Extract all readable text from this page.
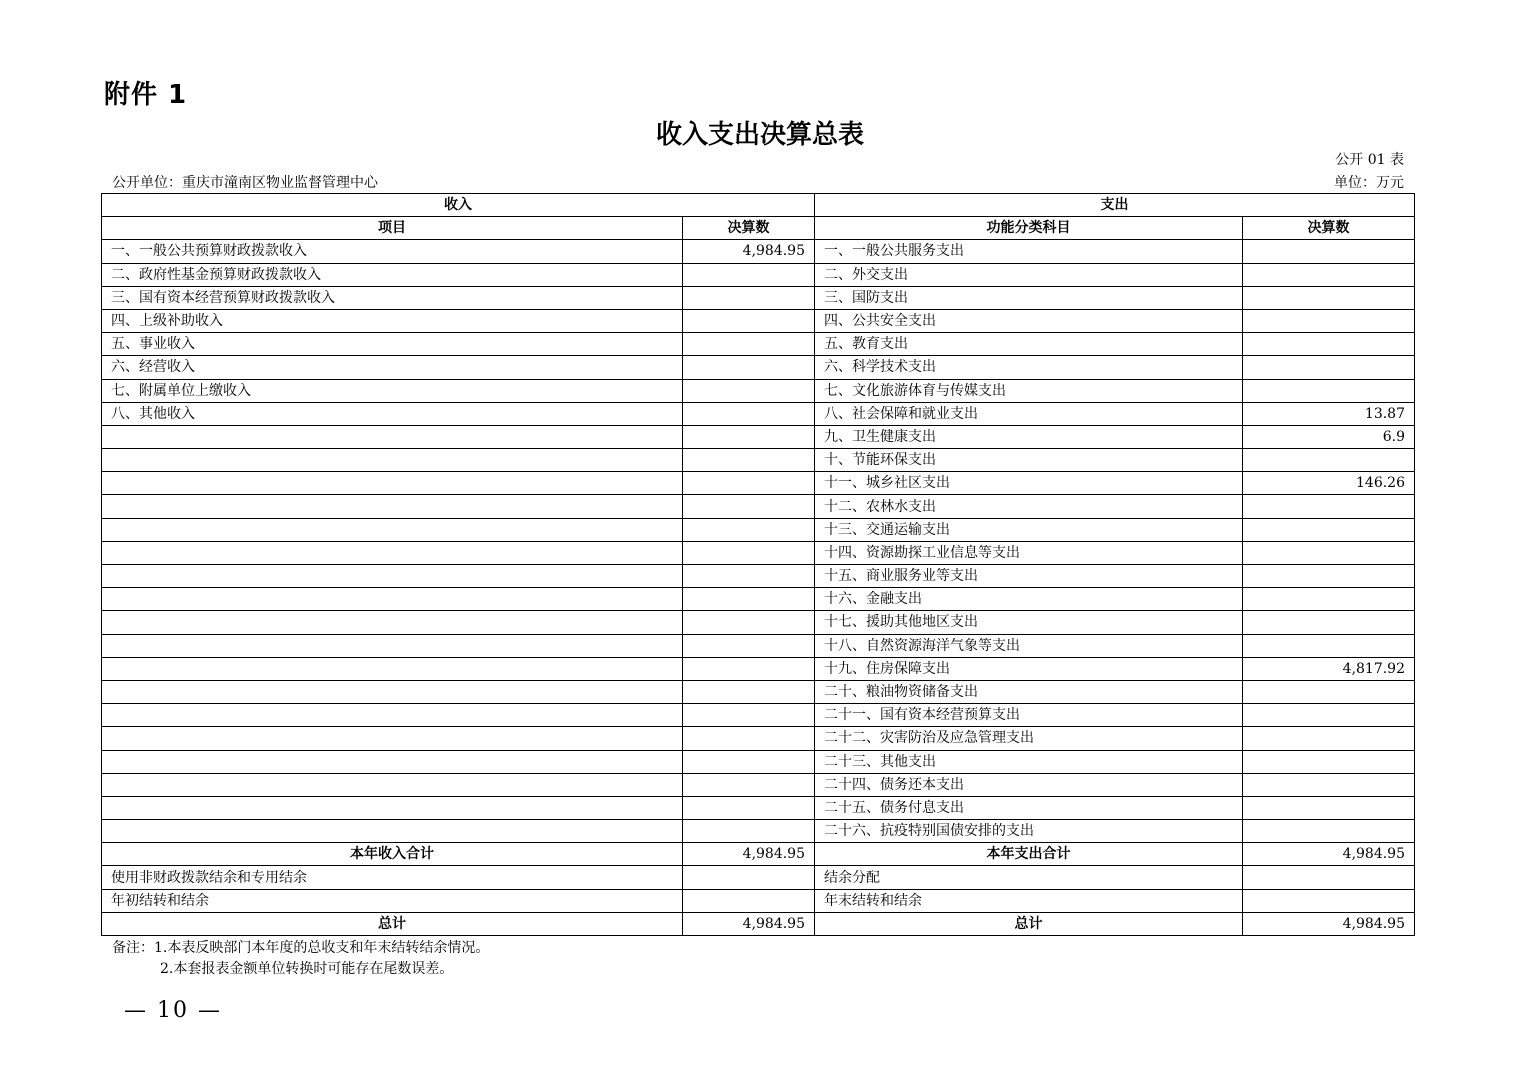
附件 1
收入支出决算总表
公开 01 表
公开单位：重庆市潼南区物业监督管理中心	单位：万元
收入		支出	
项目	决算数	功能分类科目	决算数
一、一般公共预算财政拨款收入	4,984.95	一、一般公共服务支出	
二、政府性基金预算财政拨款收入		二、外交支出	
三、国有资本经营预算财政拨款收入		三、国防支出	
四、上级补助收入		四、公共安全支出	
五、事业收入		五、教育支出	
六、经营收入		六、科学技术支出	
七、附属单位上缴收入		七、文化旅游体育与传媒支出	
八、其他收入		八、社会保障和就业支出	13.87
		九、卫生健康支出	6.9
		十、节能环保支出	
		十一、城乡社区支出	146.26
		十二、农林水支出	
		十三、交通运输支出	
		十四、资源勘探工业信息等支出	
		十五、商业服务业等支出	
		十六、金融支出	
		十七、援助其他地区支出	
		十八、自然资源海洋气象等支出	
		十九、住房保障支出	4,817.92
		二十、粮油物资储备支出	
		二十一、国有资本经营预算支出	
		二十二、灾害防治及应急管理支出	
		二十三、其他支出	
		二十四、债务还本支出	
		二十五、债务付息支出	
		二十六、抗疫特别国债安排的支出	
本年收入合计	4,984.95	本年支出合计	4,984.95
使用非财政拨款结余和专用结余		结余分配	
年初结转和结余		年末结转和结余	
总计	4,984.95	总计	4,984.95
备注：1.本表反映部门本年度的总收支和年末结转结余情况。
2.本套报表金额单位转换时可能存在尾数误差。
— 10 —
